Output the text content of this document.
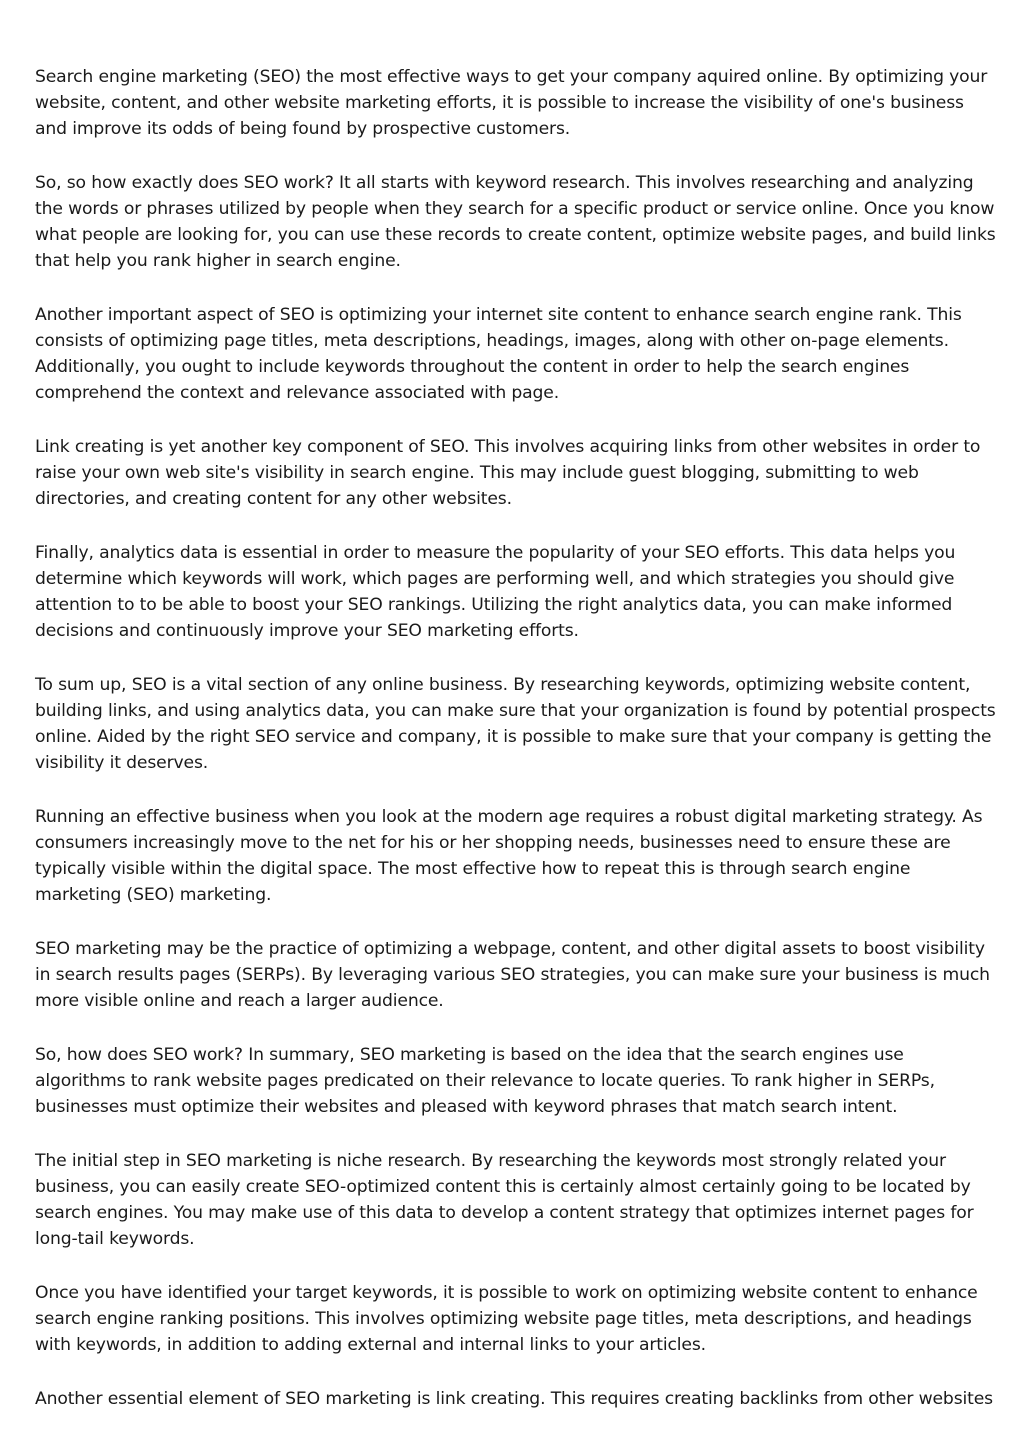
Search engine marketing (SEO) the most effective ways to get your company aquired online. By optimizing your website, content, and other website marketing efforts, it is possible to increase the visibility of one's business and improve its odds of being found by prospective customers.

So, so how exactly does SEO work? It all starts with keyword research. This involves researching and analyzing the words or phrases utilized by people when they search for a specific product or service online. Once you know what people are looking for, you can use these records to create content, optimize website pages, and build links that help you rank higher in search engine.

Another important aspect of SEO is optimizing your internet site content to enhance search engine rank. This consists of optimizing page titles, meta descriptions, headings, images, along with other on-page elements. Additionally, you ought to include keywords throughout the content in order to help the search engines comprehend the context and relevance associated with page.

Link creating is yet another key component of SEO. This involves acquiring links from other websites in order to raise your own web site's visibility in search engine. This may include guest blogging, submitting to web directories, and creating content for any other websites.

Finally, analytics data is essential in order to measure the popularity of your SEO efforts. This data helps you determine which keywords will work, which pages are performing well, and which strategies you should give attention to to be able to boost your SEO rankings. Utilizing the right analytics data, you can make informed decisions and continuously improve your SEO marketing efforts.

To sum up, SEO is a vital section of any online business. By researching keywords, optimizing website content, building links, and using analytics data, you can make sure that your organization is found by potential prospects online. Aided by the right SEO service and company, it is possible to make sure that your company is getting the visibility it deserves.

Running an effective business when you look at the modern age requires a robust digital marketing strategy. As consumers increasingly move to the net for his or her shopping needs, businesses need to ensure these are typically visible within the digital space. The most effective how to repeat this is through search engine marketing (SEO) marketing.

SEO marketing may be the practice of optimizing a webpage, content, and other digital assets to boost visibility in search results pages (SERPs). By leveraging various SEO strategies, you can make sure your business is much more visible online and reach a larger audience.

So, how does SEO work? In summary, SEO marketing is based on the idea that the search engines use algorithms to rank website pages predicated on their relevance to locate queries. To rank higher in SERPs, businesses must optimize their websites and pleased with keyword phrases that match search intent.

The initial step in SEO marketing is niche research. By researching the keywords most strongly related your business, you can easily create SEO-optimized content this is certainly almost certainly going to be located by search engines. You may make use of this data to develop a content strategy that optimizes internet pages for long-tail keywords.

Once you have identified your target keywords, it is possible to work on optimizing website content to enhance search engine ranking positions. This involves optimizing website page titles, meta descriptions, and headings with keywords, in addition to adding external and internal links to your articles.

Another essential element of SEO marketing is link creating. This requires creating backlinks from other websites
